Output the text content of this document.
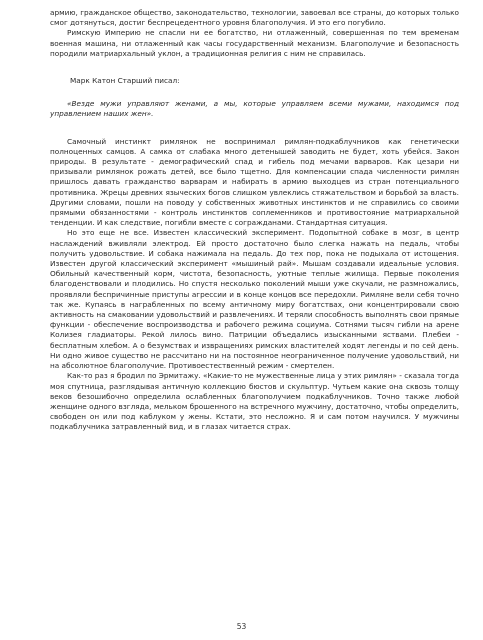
армию, гражданское общество, законодательство, технологии, завоевал все страны, до которых только смог дотянуться, достиг беспрецедентного уровня благополучия. И это его погубило.

Римскую Империю не спасли ни ее богатство, ни отлаженный, совершенная по тем временам военная машина, ни отлаженный как часы государственный механизм. Благополучие и безопасность породили матриархальный уклон, а традиционная религия с ним не справилась.

Марк Катон Старший писал:

«Везде мужи управляют женами, а мы, которые управляем всеми мужами, находимся под управлением наших жен».

Самочный инстинкт римлянок не воспринимал римлян-подкаблучников как генетически полноценных самцов. А самка от слабака много детенышей заводить не будет, хоть убейся. Закон природы. В результате - демографический спад и гибель под мечами варваров. Как цезари ни призывали римлянок рожать детей, все было тщетно. Для компенсации спада численности римлян пришлось давать гражданство варварам и набирать в армию выходцев из стран потенциального противника. Жрецы древних языческих богов слишком увлеклись стяжательством и борьбой за власть. Другими словами, пошли на поводу у собственных животных инстинктов и не справились со своими прямыми обязанностями - контроль инстинктов соплеменников и противостояние матриархальной тенденции. И как следствие, погибли вместе с согражданами. Стандартная ситуация.

Но это еще не все. Известен классический эксперимент. Подопытной собаке в мозг, в центр наслаждений вживляли электрод. Ей просто достаточно было слегка нажать на педаль, чтобы получить удовольствие. И собака нажимала на педаль. До тех пор, пока не подыхала от истощения. Известен другой классический эксперимент «мышиный рай». Мышам создавали идеальные условия. Обильный качественный корм, чистота, безопасность, уютные теплые жилища. Первые поколения благоденствовали и плодились. Но спустя несколько поколений мыши уже скучали, не размножались, проявляли беспричинные приступы агрессии и в конце концов все передохли. Римляне вели себя точно так же. Купаясь в награбленных по всему античному миру богатствах, они концентрировали свою активность на смаковании удовольствий и развлечениях. И теряли способность выполнять свои прямые функции - обеспечение воспроизводства и рабочего режима социума. Сотнями тысяч гибли на арене Колизея гладиаторы. Рекой лилось вино. Патриции объедались изысканными яствами. Плебеи - бесплатным хлебом. А о безумствах и извращениях римских властителей ходят легенды и по сей день. Ни одно живое существо не рассчитано ни на постоянное неограниченное получение удовольствий, ни на абсолютное благополучие. Противоестественный режим - смертелен.

Как-то раз я бродил по Эрмитажу. «Какие-то не мужественные лица у этих римлян» - сказала тогда моя спутница, разглядывая античную коллекцию бюстов и скульптур. Чутьем какие она сквозь толщу веков безошибочно определила ослабленных благополучием подкаблучников. Точно также любой женщине одного взгляда, мельком брошенного на встречного мужчину, достаточно, чтобы определить, свободен он или под каблуком у жены. Кстати, это несложно. Я и сам потом научился. У мужчины подкаблучника затравленный вид, и в глазах читается страх.

53
